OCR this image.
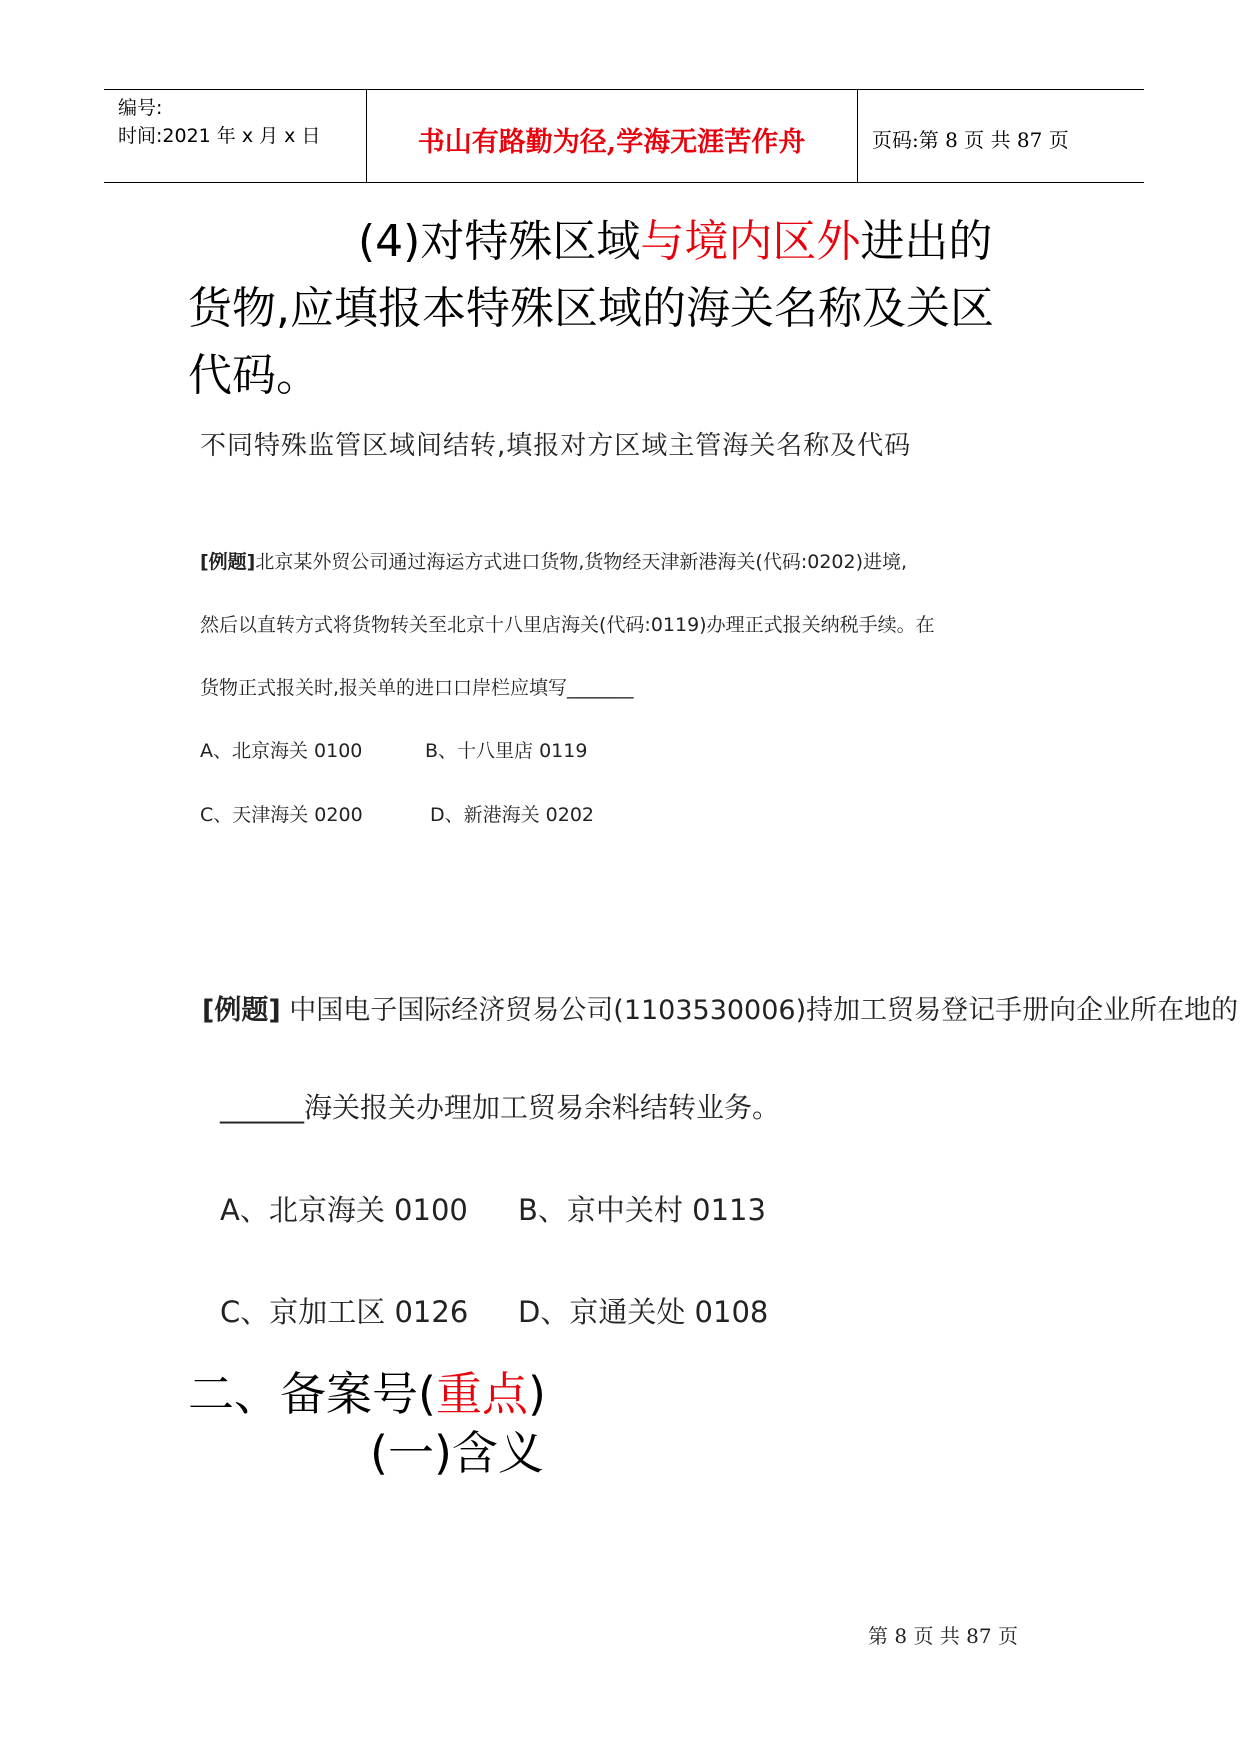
编号:
时间:2021 年 x 月 x 日	书山有路勤为径,学海无涯苦作舟	页码:第 8 页 共 87 页
(4)对特殊区域与境内区外进出的
货物,应填报本特殊区域的海关名称及关区
代码。
不同特殊监管区域间结转,填报对方区域主管海关名称及代码
[例题]北京某外贸公司通过海运方式进口货物,货物经天津新港海关(代码:0202)进境,
然后以直转方式将货物转关至北京十八里店海关(代码:0119)办理正式报关纳税手续。在
货物正式报关时,报关单的进口口岸栏应填写_______
A、北京海关 0100	B、十八里店 0119
C、天津海关 0200	D、新港海关 0202
[例题] 中国电子国际经济贸易公司(1103530006)持加工贸易登记手册向企业所在地的
______海关报关办理加工贸易余料结转业务。
A、北京海关 0100 B、京中关村 0113
C、京加工区 0126 D、京通关处 0108
二、备案号(重点)
(一)含义
第 8 页 共 87 页
